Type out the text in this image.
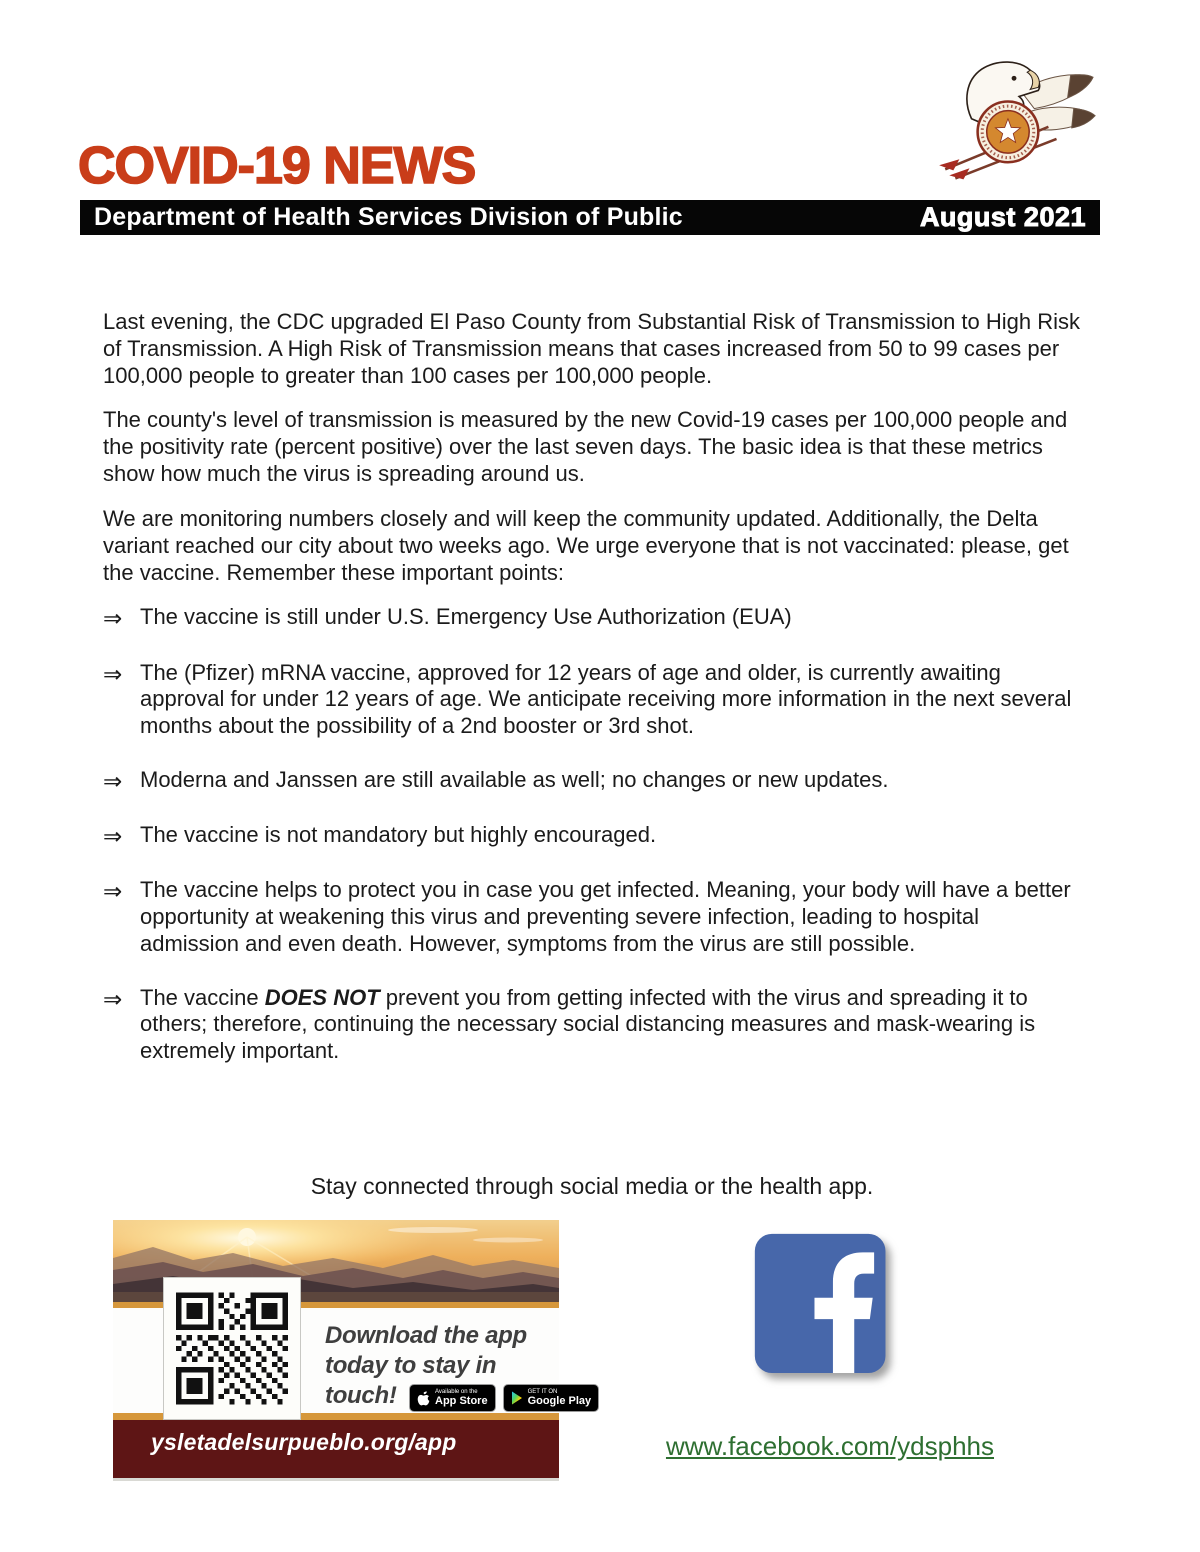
COVID-19 NEWS
Department of Health Services Division of Public	August 2021

Last evening, the CDC upgraded El Paso County from Substantial Risk of Transmission to High Risk of Transmission. A High Risk of Transmission means that cases increased from 50 to 99 cases per 100,000 people to greater than 100 cases per 100,000 people.

The county's level of transmission is measured by the new Covid-19 cases per 100,000 people and the positivity rate (percent positive) over the last seven days. The basic idea is that these metrics show how much the virus is spreading around us.

We are monitoring numbers closely and will keep the community updated. Additionally, the Delta variant reached our city about two weeks ago. We urge everyone that is not vaccinated: please, get the vaccine. Remember these important points:

⇒ The vaccine is still under U.S. Emergency Use Authorization (EUA)
⇒ The (Pfizer) mRNA vaccine, approved for 12 years of age and older, is currently awaiting approval for under 12 years of age. We anticipate receiving more information in the next several months about the possibility of a 2nd booster or 3rd shot.
⇒ Moderna and Janssen are still available as well; no changes or new updates.
⇒ The vaccine is not mandatory but highly encouraged.
⇒ The vaccine helps to protect you in case you get infected. Meaning, your body will have a better opportunity at weakening this virus and preventing severe infection, leading to hospital admission and even death. However, symptoms from the virus are still possible.
⇒ The vaccine DOES NOT prevent you from getting infected with the virus and spreading it to others; therefore, continuing the necessary social distancing measures and mask-wearing is extremely important.
Stay connected through social media or the health app.
Download the app
today to stay in touch!	Available on the
App Store
GET IT ON
Google Play
ysletadelsurpueblo.org/app	www.facebook.com/ydsphhs
